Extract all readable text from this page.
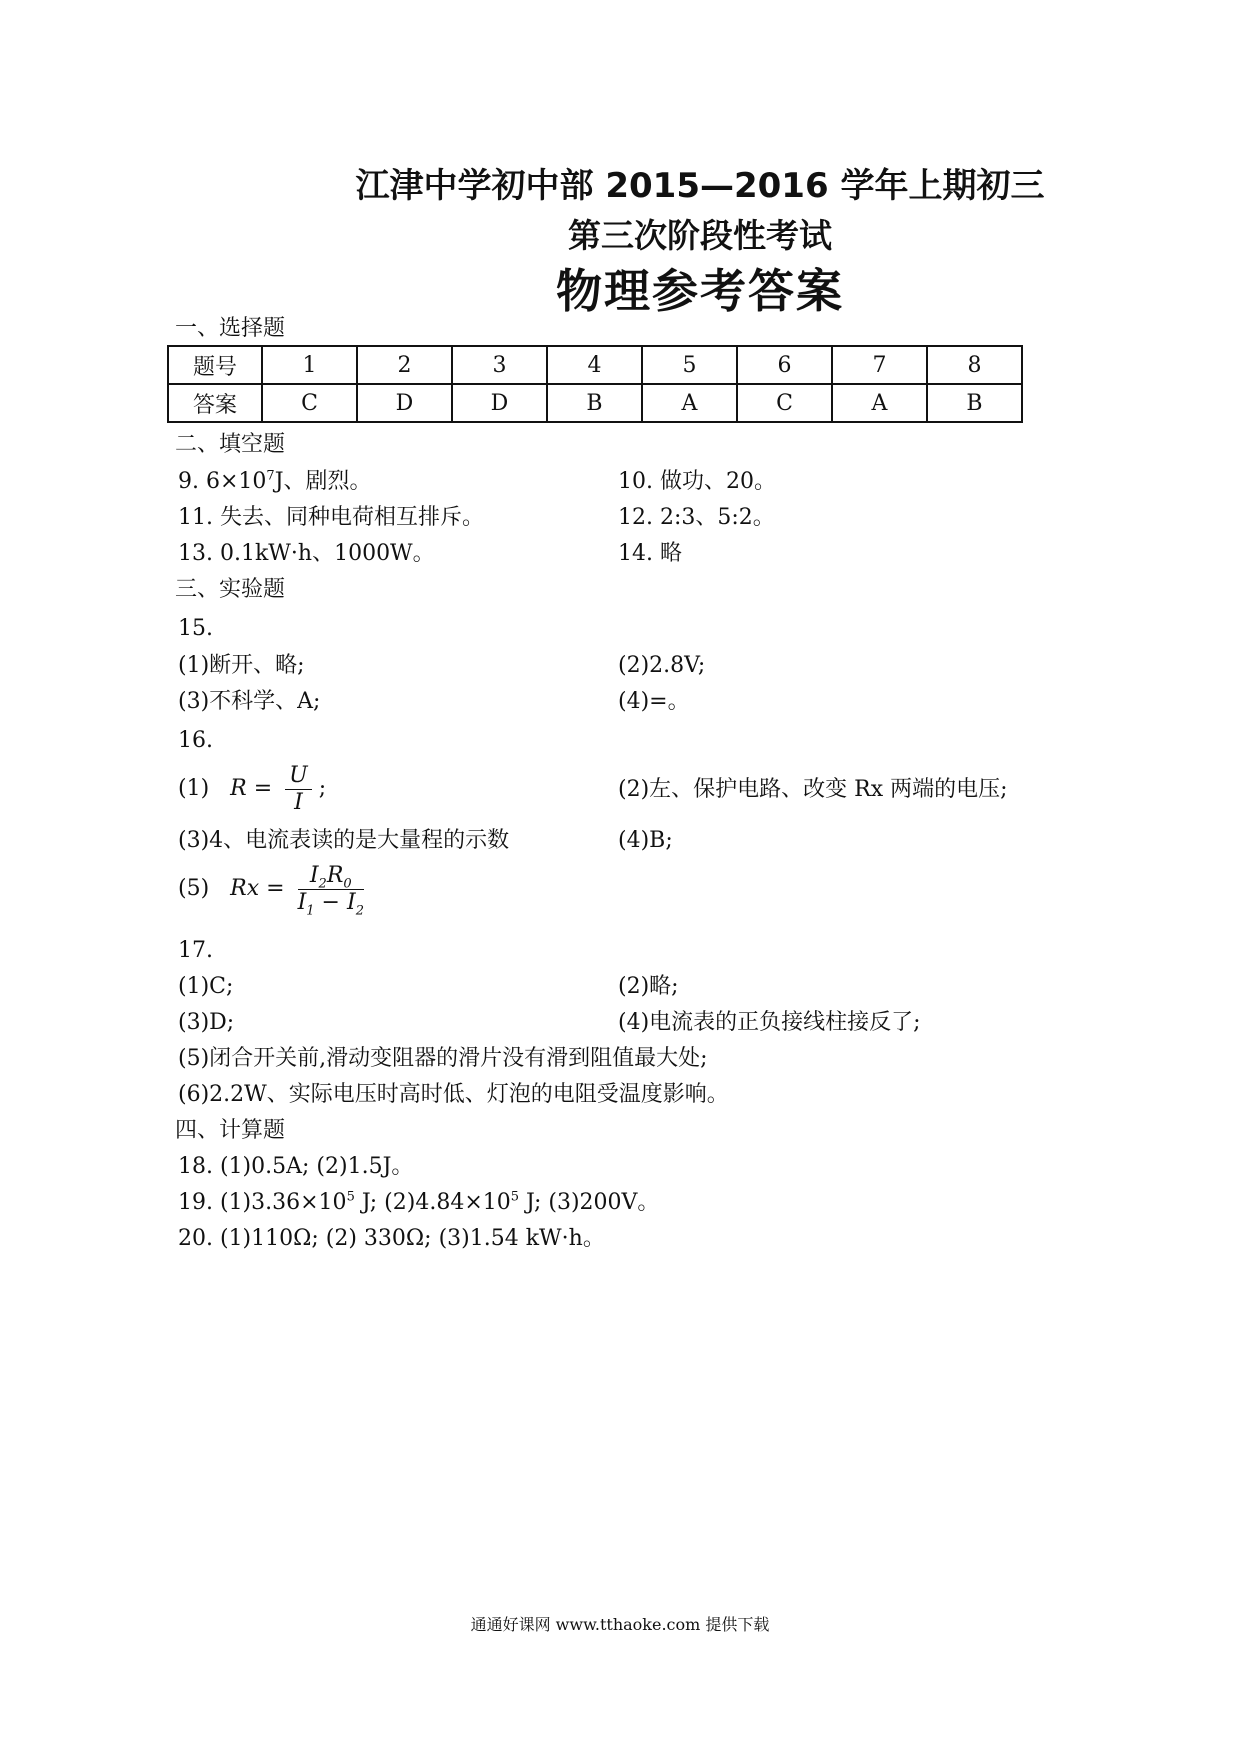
江津中学初中部 2015—2016 学年上期初三
第三次阶段性考试
物理参考答案
一、选择题
题号	1	2	3	4	5	6	7	8
答案	C	D	D	B	A	C	A	B
二、填空题
9. $6\times 10^7J$、剧烈。	10. 做功、20。
11. 失去、同种电荷相互排斥。	12. 2:3、5:2。
13. 0.1kW·h、1000W。	14. 略
三、实验题
15.
(1)断开、略;	(2)2.8V;
(3)不科学、A;	(4)=。
16.
(1) $R = \frac{U}{I}$ ;	(2)左、保护电路、改变 Rx 两端的电压;
(3)4、电流表读的是大量程的示数	(4)B;
(5) $Rx = \frac{I_2R_0}{I_1 - I_2}$
17.
(1)C;	(2)略;
(3)D;	(4)电流表的正负接线柱接反了;
(5)闭合开关前,滑动变阻器的滑片没有滑到阻值最大处;
(6)2.2W、实际电压时高时低、灯泡的电阻受温度影响。
四、计算题
18. (1)0.5A; (2)1.5J。
19. $(1)3.36\times 10^5$ J; $(2)4.84\times 10^5$ J; (3)200V。
20. (1)110Ω; (2) 330Ω; (3)1.54 kW·h。
通通好课网 www.tthaoke.com 提供下载
